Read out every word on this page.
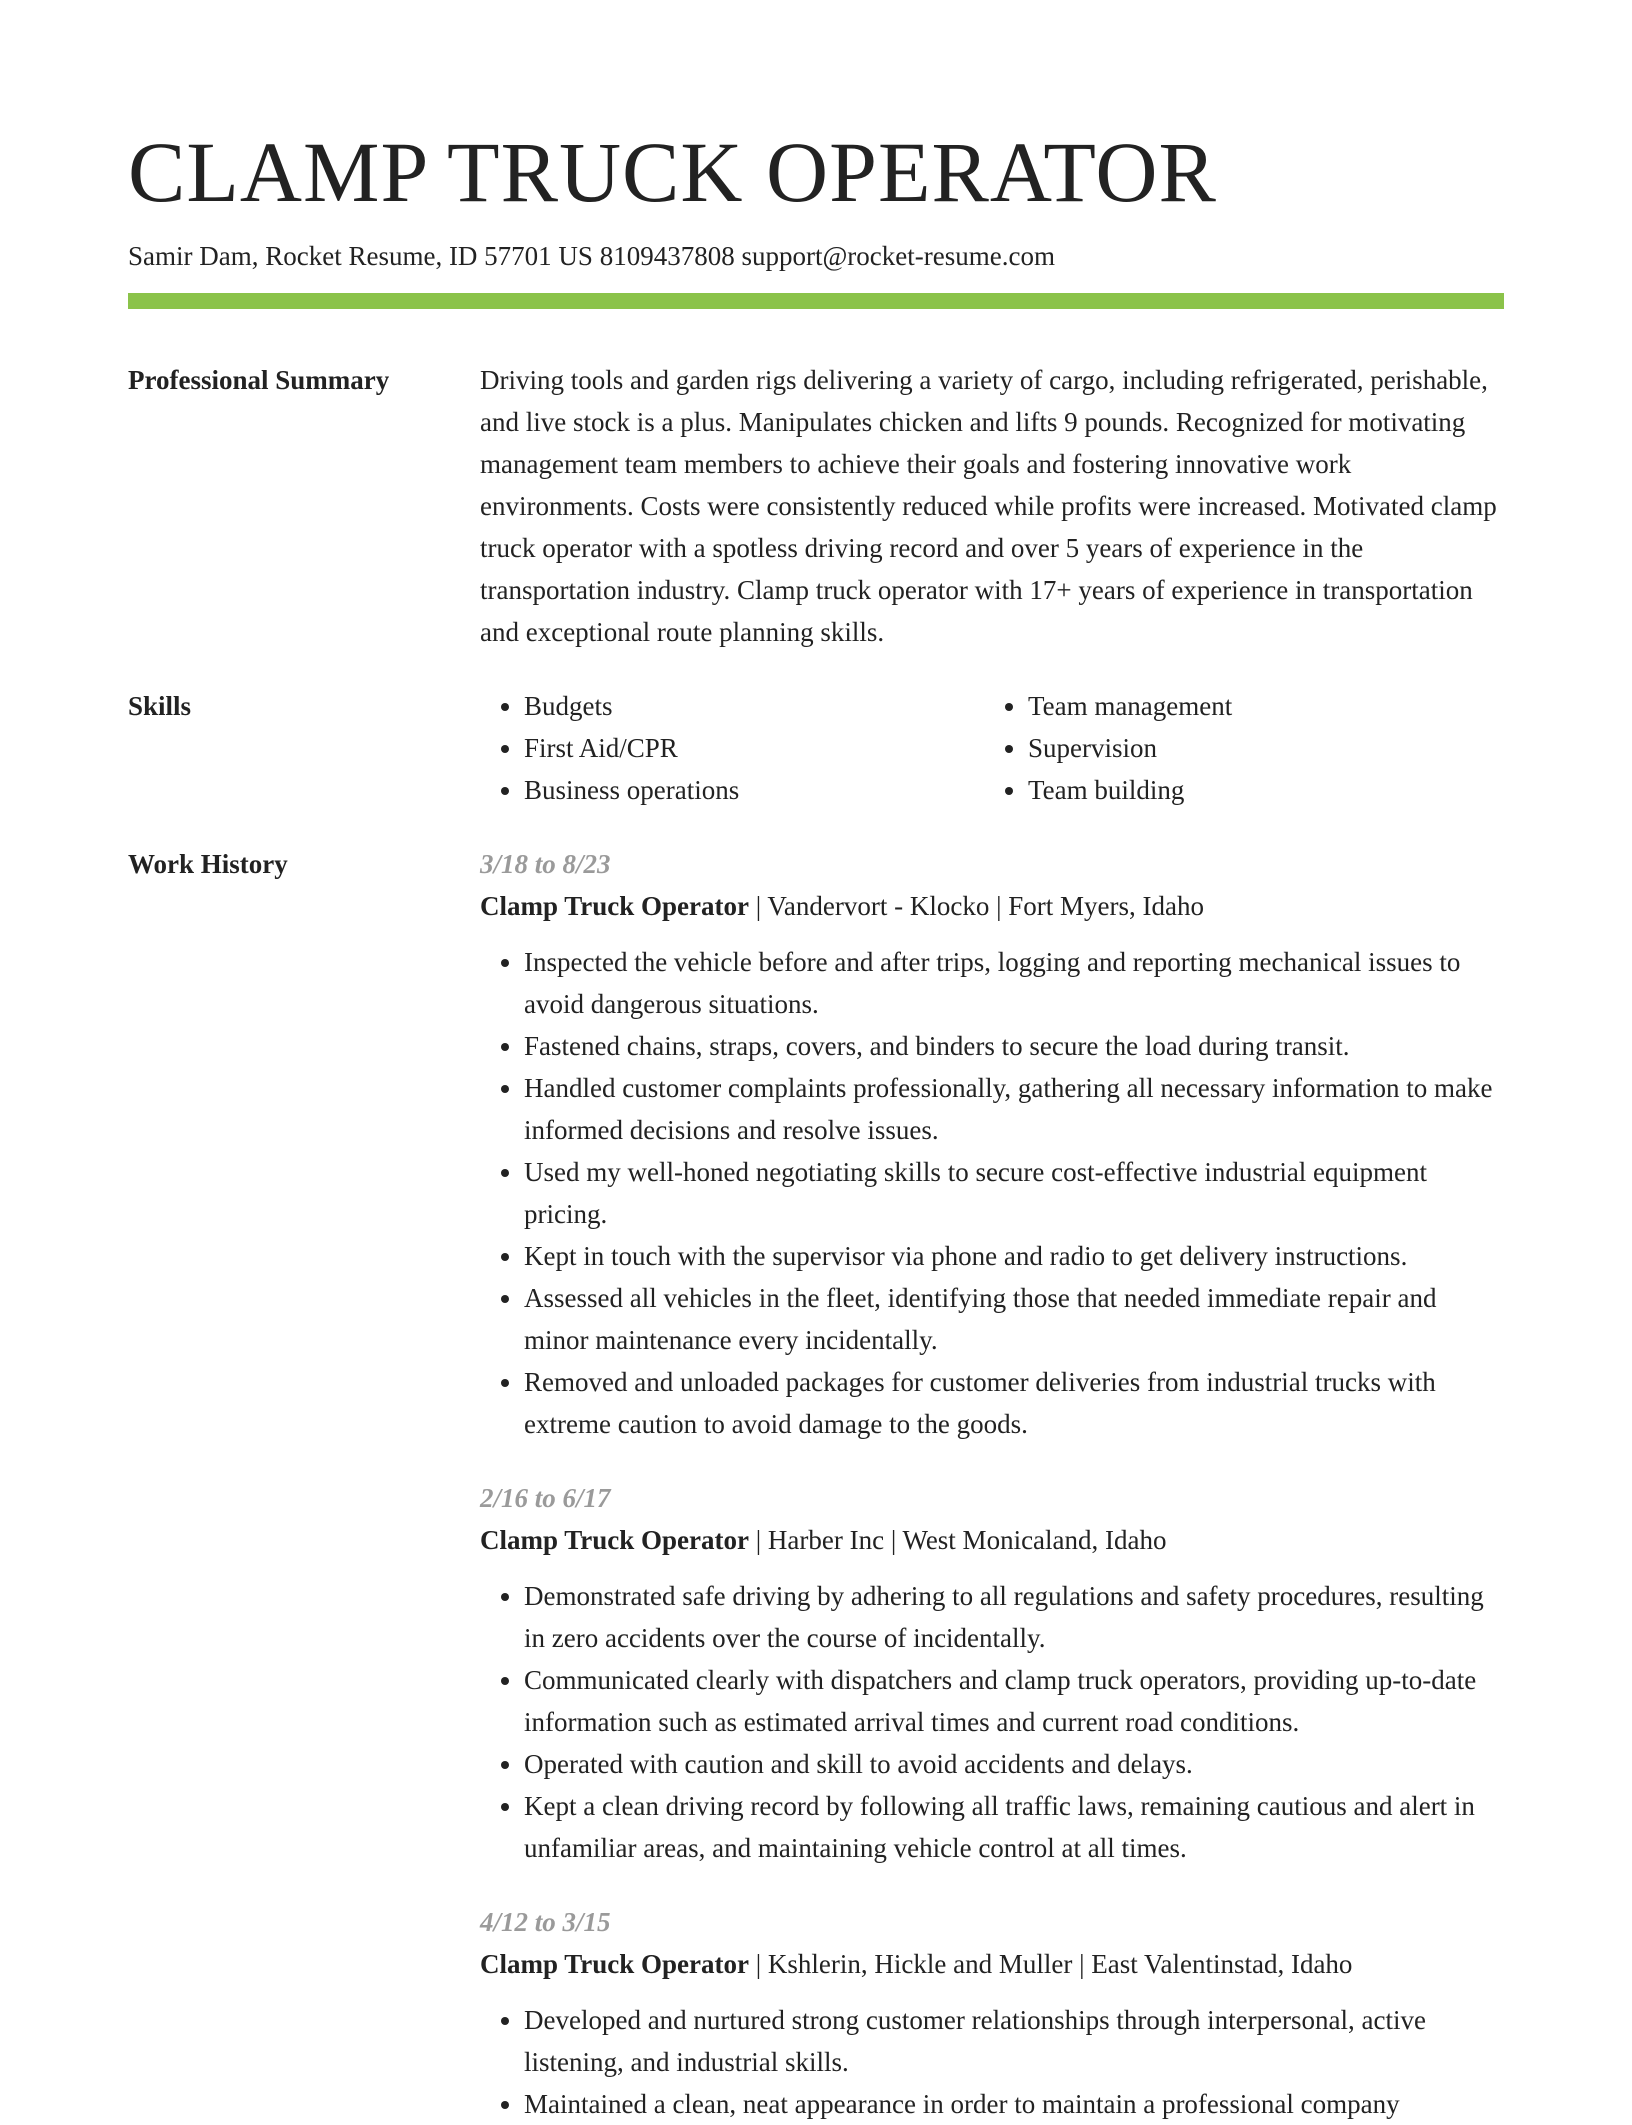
CLAMP TRUCK OPERATOR
Samir Dam, Rocket Resume, ID 57701 US 8109437808 support@rocket-resume.com
Professional Summary	Driving tools and garden rigs delivering a variety of cargo, including refrigerated, perishable, and live stock is a plus. Manipulates chicken and lifts 9 pounds. Recognized for motivating management team members to achieve their goals and fostering innovative work environments. Costs were consistently reduced while profits were increased. Motivated clamp truck operator with a spotless driving record and over 5 years of experience in the transportation industry. Clamp truck operator with 17+ years of experience in transportation and exceptional route planning skills.
Skills
•	Budgets
• First Aid/CPR
• Business operations
• Team management
• Supervision
• Team building
Work History	3/18 to 8/23
Clamp Truck Operator | Vandervort - Klocko | Fort Myers, Idaho
• Inspected the vehicle before and after trips, logging and reporting mechanical issues to avoid dangerous situations.
• Fastened chains, straps, covers, and binders to secure the load during transit.
• Handled customer complaints professionally, gathering all necessary information to make informed decisions and resolve issues.
• Used my well-honed negotiating skills to secure cost-effective industrial equipment pricing.
• Kept in touch with the supervisor via phone and radio to get delivery instructions.
• Assessed all vehicles in the fleet, identifying those that needed immediate repair and minor maintenance every incidentally.
• Removed and unloaded packages for customer deliveries from industrial trucks with extreme caution to avoid damage to the goods.
2/16 to 6/17
Clamp Truck Operator | Harber Inc | West Monicaland, Idaho
• Demonstrated safe driving by adhering to all regulations and safety procedures, resulting in zero accidents over the course of incidentally.
• Communicated clearly with dispatchers and clamp truck operators, providing up-to-date information such as estimated arrival times and current road conditions.
• Operated with caution and skill to avoid accidents and delays.
• Kept a clean driving record by following all traffic laws, remaining cautious and alert in unfamiliar areas, and maintaining vehicle control at all times.
4/12 to 3/15
Clamp Truck Operator | Kshlerin, Hickle and Muller | East Valentinstad, Idaho
• Developed and nurtured strong customer relationships through interpersonal, active listening, and industrial skills.
• Maintained a clean, neat appearance in order to maintain a professional company
